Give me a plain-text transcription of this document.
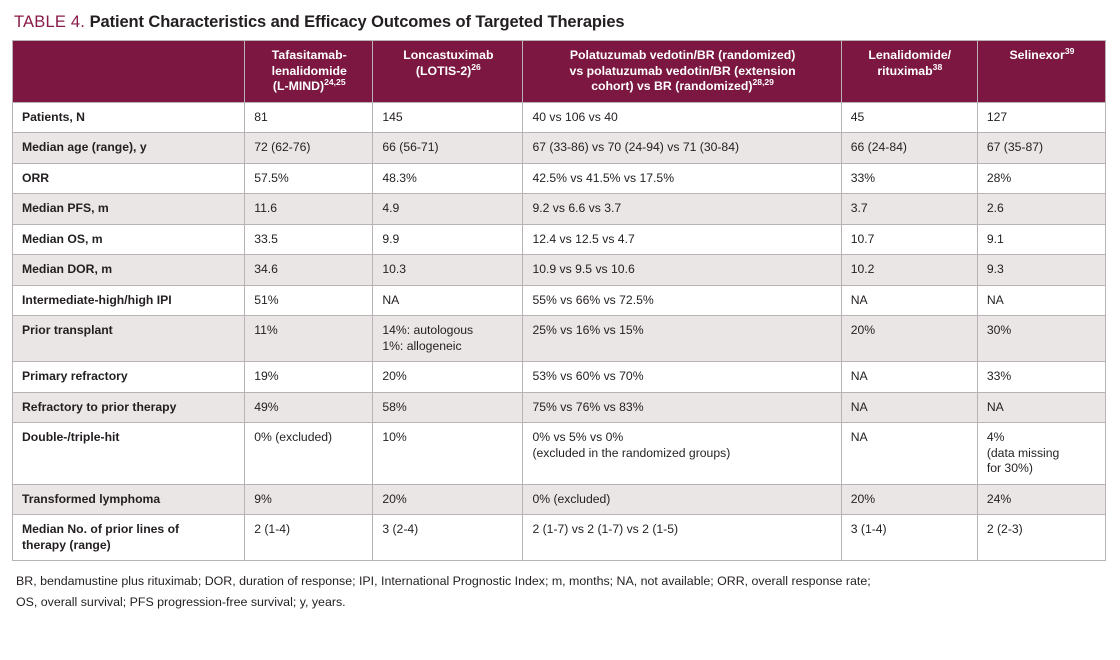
TABLE 4. Patient Characteristics and Efficacy Outcomes of Targeted Therapies
	Tafasitamab-
lenalidomide
(L-MIND)$^{24,25}$	Loncastuximab
(LOTIS-2)$^{26}$	Polatuzumab vedotin/BR (randomized)
vs polatuzumab vedotin/BR (extension
cohort) vs BR (randomized)$^{28,29}$	Lenalidomide/
rituximab$^{38}$	Selinexor$^{39}$
Patients, N	81	145	40 vs 106 vs 40	45	127
Median age (range), y	72 (62-76)	66 (56-71)	67 (33-86) vs 70 (24-94) vs 71 (30-84)	66 (24-84)	67 (35-87)
ORR	57.5%	48.3%	42.5% vs 41.5% vs 17.5%	33%	28%
Median PFS, m	11.6	4.9	9.2 vs 6.6 vs 3.7	3.7	2.6
Median OS, m	33.5	9.9	12.4 vs 12.5 vs 4.7	10.7	9.1
Median DOR, m	34.6	10.3	10.9 vs 9.5 vs 10.6	10.2	9.3
Intermediate-high/high IPI	51%	NA	55% vs 66% vs 72.5%	NA	NA
Prior transplant	11%	14%: autologous
1%: allogeneic	25% vs 16% vs 15%	20%	30%
Primary refractory	19%	20%	53% vs 60% vs 70%	NA	33%
Refractory to prior therapy	49%	58%	75% vs 76% vs 83%	NA	NA
Double-/triple-hit	0% (excluded)	10%	0% vs 5% vs 0%
(excluded in the randomized groups)	NA	4%
(data missing
for 30%)
Transformed lymphoma	9%	20%	0% (excluded)	20%	24%
Median No. of prior lines of
therapy (range)	2 (1-4)	3 (2-4)	2 (1-7) vs 2 (1-7) vs 2 (1-5)	3 (1-4)	2 (2-3)
BR, bendamustine plus rituximab; DOR, duration of response; IPI, International Prognostic Index; m, months; NA, not available; ORR, overall response rate;
OS, overall survival; PFS progression-free survival; y, years.
